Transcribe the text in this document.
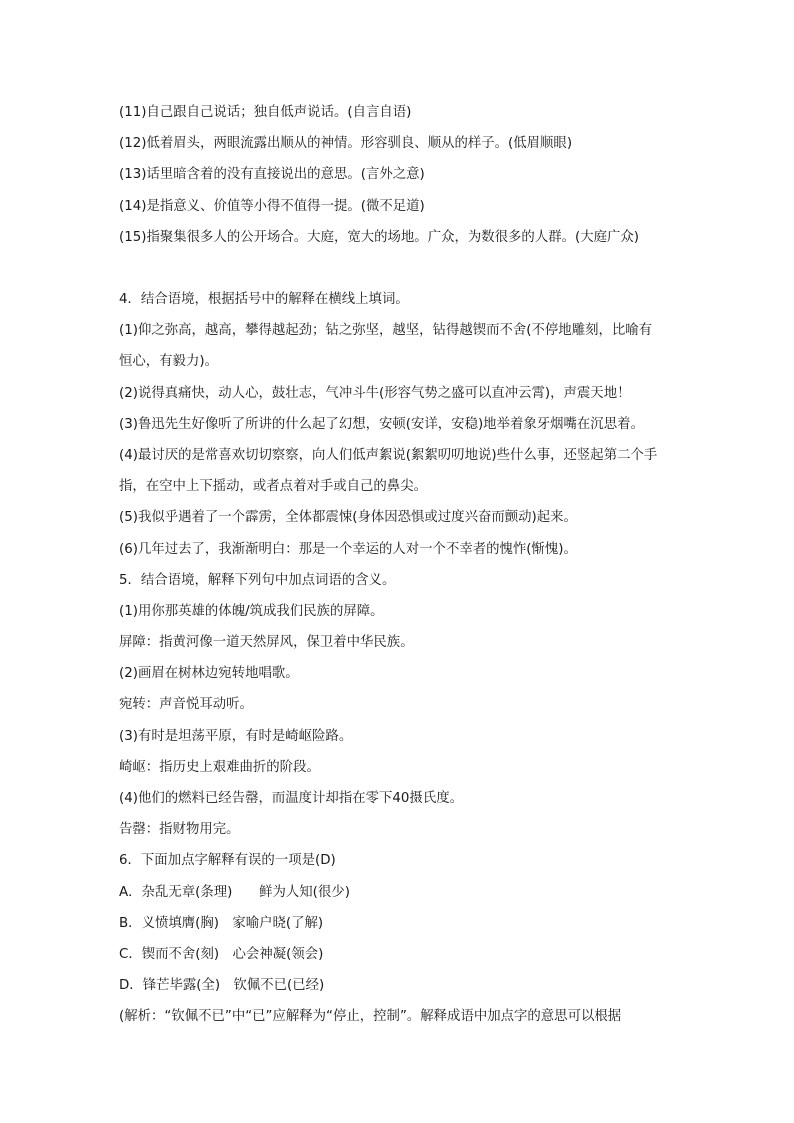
(11)自己跟自己说话；独自低声说话。(自言自语)
(12)低着眉头，两眼流露出顺从的神情。形容驯良、顺从的样子。(低眉顺眼)
(13)话里暗含着的没有直接说出的意思。(言外之意)
(14)是指意义、价值等小得不值得一提。(微不足道)
(15)指聚集很多人的公开场合。大庭，宽大的场地。广众，为数很多的人群。(大庭广众)
4．结合语境，根据括号中的解释在横线上填词。
(1)仰之弥高，越高，攀得越起劲；钻之弥坚，越坚，钻得越锲而不舍(不停地雕刻，比喻有
恒心，有毅力)。
(2)说得真痛快，动人心，鼓壮志，气冲斗牛(形容气势之盛可以直冲云霄)，声震天地！
(3)鲁迅先生好像听了所讲的什么起了幻想，安顿(安详，安稳)地举着象牙烟嘴在沉思着。
(4)最讨厌的是常喜欢切切察察，向人们低声絮说(絮絮叨叨地说)些什么事，还竖起第二个手
指，在空中上下摇动，或者点着对手或自己的鼻尖。
(5)我似乎遇着了一个霹雳，全体都震悚(身体因恐惧或过度兴奋而颤动)起来。
(6)几年过去了，我渐渐明白：那是一个幸运的人对一个不幸者的愧怍(惭愧)。
5．结合语境，解释下列句中加点词语的含义。
(1)用你那英雄的体魄/筑成我们民族的屏障。
屏障：指黄河像一道天然屏风，保卫着中华民族。
(2)画眉在树林边宛转地唱歌。
宛转：声音悦耳动听。
(3)有时是坦荡平原，有时是崎岖险路。
崎岖：指历史上艰难曲折的阶段。
(4)他们的燃料已经告罄，而温度计却指在零下40摄氏度。
告罄：指财物用完。
6．下面加点字解释有误的一项是(D)
A．杂乱无章(条理)　　鲜为人知(很少)
B．义愤填膺(胸)　家喻户晓(了解)
C．锲而不舍(刻)　心会神凝(领会)
D．锋芒毕露(全)　钦佩不已(已经)
(解析：“钦佩不已”中“已”应解释为“停止，控制”。解释成语中加点字的意思可以根据
